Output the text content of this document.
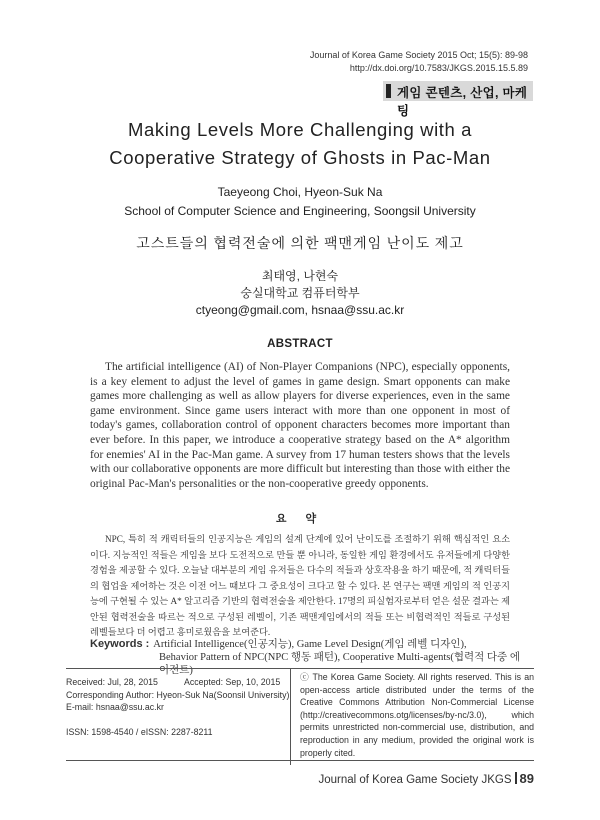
Journal of Korea Game Society 2015 Oct; 15(5): 89-98
http://dx.doi.org/10.7583/JKGS.2015.15.5.89
게임 콘텐츠, 산업, 마케팅
Making Levels More Challenging with a
Cooperative Strategy of Ghosts in Pac-Man
Taeyeong Choi, Hyeon-Suk Na
School of Computer Science and Engineering, Soongsil University
고스트들의 협력전술에 의한 팩맨게임 난이도 제고
최태영, 나현숙
숭실대학교 컴퓨터학부
ctyeong@gmail.com, hsnaa@ssu.ac.kr
ABSTRACT
The artificial intelligence (AI) of Non-Player Companions (NPC), especially opponents, is a key element to adjust the level of games in game design. Smart opponents can make games more challenging as well as allow players for diverse experiences, even in the same game environment. Since game users interact with more than one opponent in most of today's games, collaboration control of opponent characters becomes more important than ever before. In this paper, we introduce a cooperative strategy based on the A* algorithm for enemies' AI in the Pac-Man game. A survey from 17 human testers shows that the levels with our collaborative opponents are more difficult but interesting than those with either the original Pac-Man's personalities or the non-cooperative greedy opponents.
요 약
NPC, 특히 적 캐릭터들의 인공지능은 게임의 설계 단계에 있어 난이도를 조절하기 위해 핵심적인 요소이다. 지능적인 적들은 게임을 보다 도전적으로 만들 뿐 아니라, 동일한 게임 환경에서도 유저들에게 다양한 경험을 제공할 수 있다. 오늘날 대부분의 게임 유저들은 다수의 적들과 상호작용을 하기 때문에, 적 캐릭터들의 협업을 제어하는 것은 이전 어느 때보다 그 중요성이 크다고 할 수 있다. 본 연구는 팩맨 게임의 적 인공지능에 구현될 수 있는 A* 알고리즘 기반의 협력전술을 제안한다. 17명의 피실험자로부터 얻은 설문 결과는 제안된 협력전술을 따르는 적으로 구성된 레벨이, 기존 팩맨게임에서의 적들 또는 비협력적인 적들로 구성된 레벨들보다 더 어렵고 흥미로웠음을 보여준다.
Keywords : Artificial Intelligence(인공지능), Game Level Design(게임 레벨 디자인),
Behavior Pattern of NPC(NPC 행동 패턴), Cooperative Multi-agents(협력적 다중 에이전트)
Received: Jul, 28, 2015	Accepted: Sep, 10, 2015
Corresponding Author: Hyeon-Suk Na(Soonsil University)
E-mail: hsnaa@ssu.ac.kr
ISSN: 1598-4540 / eISSN: 2287-8211
ⓒ The Korea Game Society. All rights reserved. This is an open-access article distributed under the terms of the Creative Commons Attribution Non-Commercial License (http://creativecommons.otg/licenses/by-nc/3.0), which permits unrestricted non-commercial use, distribution, and reproduction in any medium, provided the original work is properly cited.
Journal of Korea Game Society JKGS 89
